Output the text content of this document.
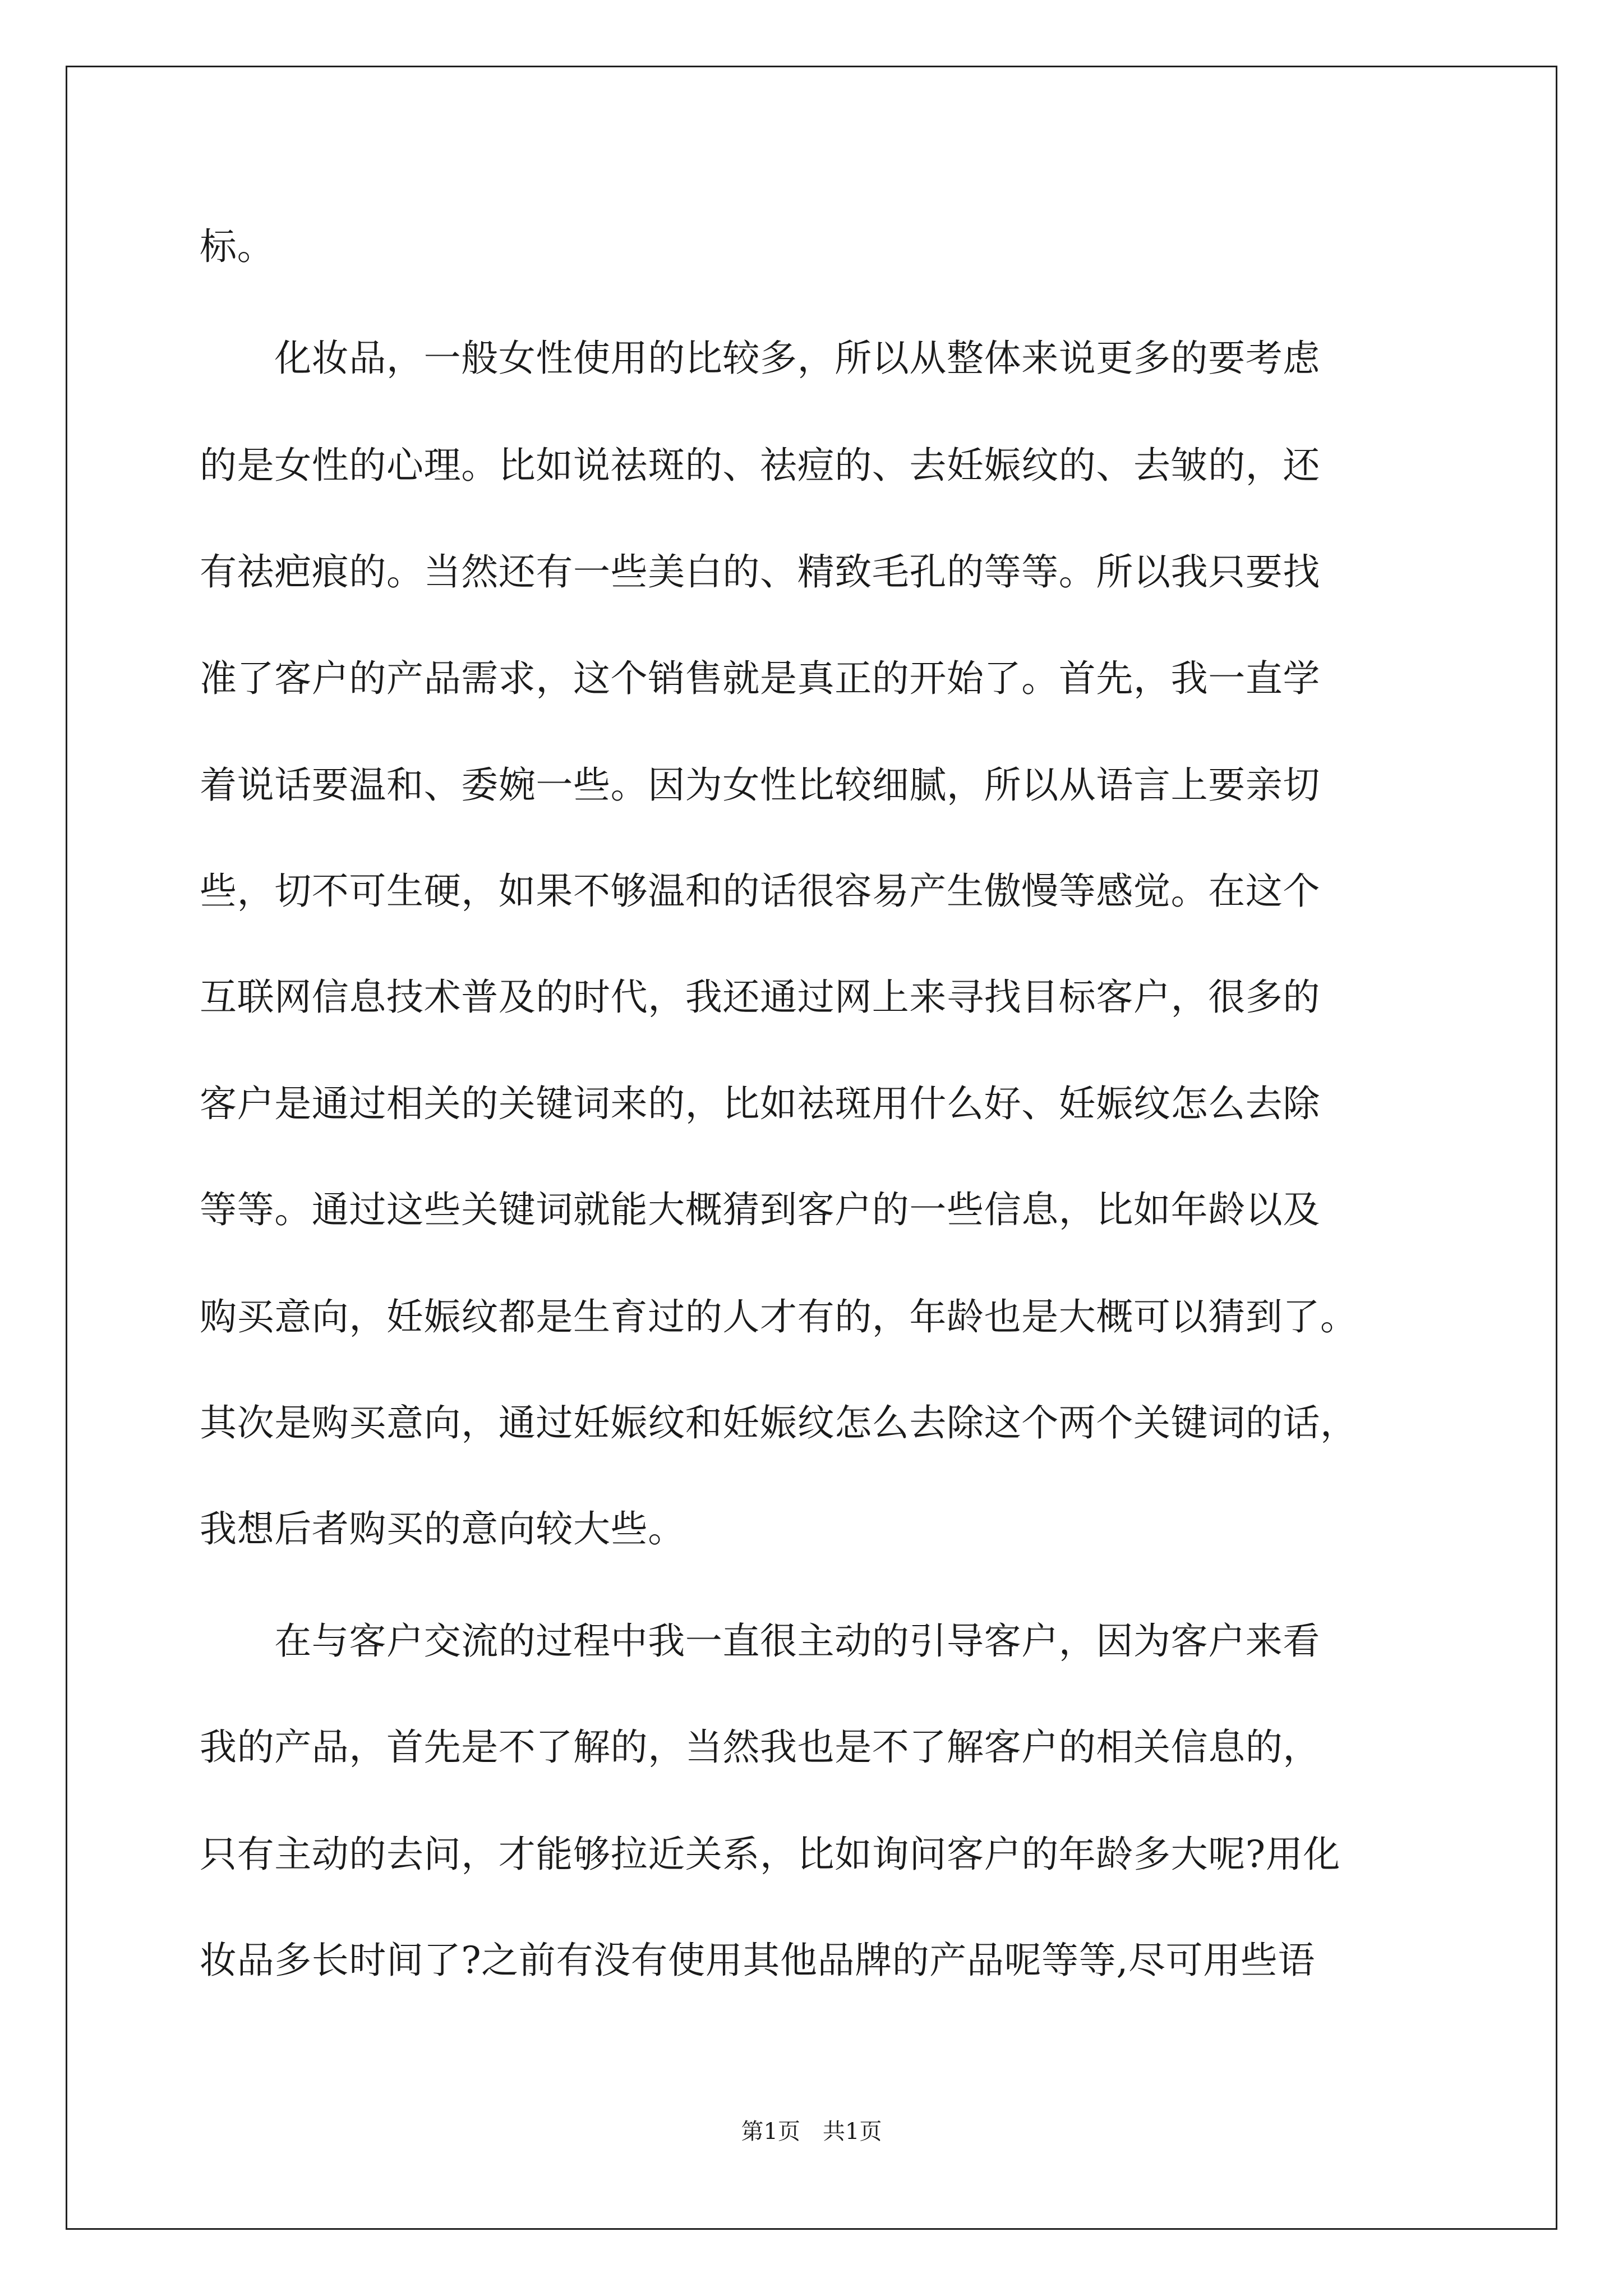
标。
　　化妆品，一般女性使用的比较多，所以从整体来说更多的要考虑
的是女性的心理。比如说祛斑的、祛痘的、去妊娠纹的、去皱的，还
有祛疤痕的。当然还有一些美白的、精致毛孔的等等。所以我只要找
准了客户的产品需求，这个销售就是真正的开始了。首先，我一直学
着说话要温和、委婉一些。因为女性比较细腻，所以从语言上要亲切
些，切不可生硬，如果不够温和的话很容易产生傲慢等感觉。在这个
互联网信息技术普及的时代，我还通过网上来寻找目标客户，很多的
客户是通过相关的关键词来的，比如祛斑用什么好、妊娠纹怎么去除
等等。通过这些关键词就能大概猜到客户的一些信息，比如年龄以及
购买意向，妊娠纹都是生育过的人才有的，年龄也是大概可以猜到了。
其次是购买意向，通过妊娠纹和妊娠纹怎么去除这个两个关键词的话，
我想后者购买的意向较大些。
　　在与客户交流的过程中我一直很主动的引导客户，因为客户来看
我的产品，首先是不了解的，当然我也是不了解客户的相关信息的，
只有主动的去问，才能够拉近关系，比如询问客户的年龄多大呢?用化
妆品多长时间了?之前有没有使用其他品牌的产品呢等等,尽可用些语
第1页　共1页
